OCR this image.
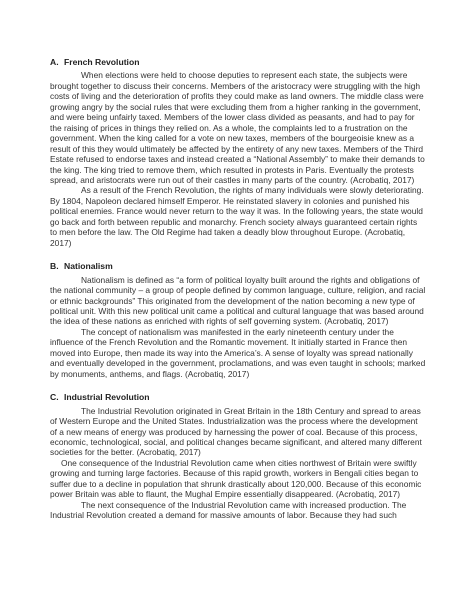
A. French Revolution

When elections were held to choose deputies to represent each state, the subjects were brought together to discuss their concerns. Members of the aristocracy were struggling with the high costs of living and the deterioration of profits they could make as land owners. The middle class were growing angry by the social rules that were excluding them from a higher ranking in the government, and were being unfairly taxed. Members of the lower class divided as peasants, and had to pay for the raising of prices in things they relied on. As a whole, the complaints led to a frustration on the government. When the king called for a vote on new taxes, members of the bourgeoisie knew as a result of this they would ultimately be affected by the entirety of any new taxes. Members of the Third Estate refused to endorse taxes and instead created a “National Assembly” to make their demands to the king. The king tried to remove them, which resulted in protests in Paris. Eventually the protests spread, and aristocrats were run out of their castles in many parts of the country. (Acrobatiq, 2017)

As a result of the French Revolution, the rights of many individuals were slowly deteriorating. By 1804, Napoleon declared himself Emperor. He reinstated slavery in colonies and punished his political enemies. France would never return to the way it was. In the following years, the state would go back and forth between republic and monarchy. French society always guaranteed certain rights to men before the law. The Old Regime had taken a deadly blow throughout Europe. (Acrobatiq, 2017)

B. Nationalism

Nationalism is defined as “a form of political loyalty built around the rights and obligations of the national community – a group of people defined by common language, culture, religion, and racial or ethnic backgrounds” This originated from the development of the nation becoming a new type of political unit. With this new political unit came a political and cultural language that was based around the idea of these nations as enriched with rights of self governing system. (Acrobatiq, 2017)

The concept of nationalism was manifested in the early nineteenth century under the influence of the French Revolution and the Romantic movement. It initially started in France then moved into Europe, then made its way into the America’s. A sense of loyalty was spread nationally and eventually developed in the government, proclamations, and was even taught in schools; marked by monuments, anthems, and flags. (Acrobatiq, 2017)

C. Industrial Revolution

The Industrial Revolution originated in Great Britain in the 18th Century and spread to areas of Western Europe and the United States. Industrialization was the process where the development of a new means of energy was produced by harnessing the power of coal. Because of this process, economic, technological, social, and political changes became significant, and altered many different societies for the better. (Acrobatiq, 2017)

One consequence of the Industrial Revolution came when cities northwest of Britain were swiftly growing and turning large factories. Because of this rapid growth, workers in Bengali cities began to suffer due to a decline in population that shrunk drastically about 120,000. Because of this economic power Britain was able to flaunt, the Mughal Empire essentially disappeared. (Acrobatiq, 2017)

The next consequence of the Industrial Revolution came with increased production. The Industrial Revolution created a demand for massive amounts of labor. Because they had such
